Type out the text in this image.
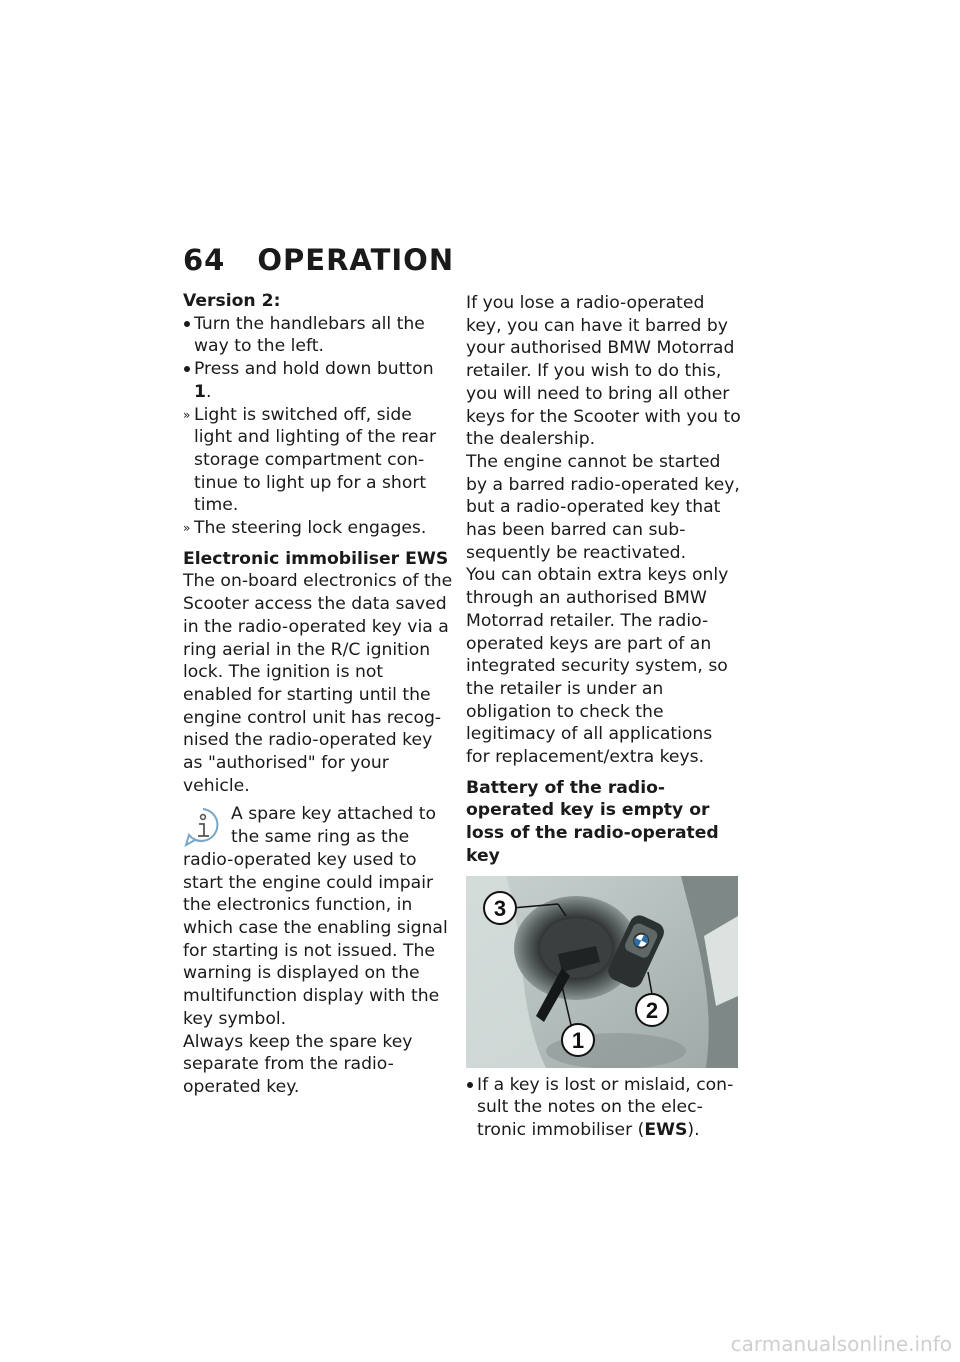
64 OPERATION

Version 2:

Turn the handlebars all the way to the left.
Press and hold down button 1.
» Light is switched off, side light and lighting of the rear storage compartment continue to light up for a short time.
» The steering lock engages.

Electronic immobiliser EWS

The on-board electronics of the Scooter access the data saved in the radio-operated key via a ring aerial in the R/C ignition lock. The ignition is not enabled for starting until the engine control unit has recognised the radio-operated key as "authorised" for your vehicle.

A spare key attached to the same ring as the radio-operated key used to start the engine could impair the electronics function, in which case the enabling signal for starting is not issued. The warning is displayed on the multifunction display with the key symbol.

Always keep the spare key separate from the radio-operated key.

If you lose a radio-operated key, you can have it barred by your authorised BMW Motorrad retailer. If you wish to do this, you will need to bring all other keys for the Scooter with you to the dealership.

The engine cannot be started by a barred radio-operated key, but a radio-operated key that has been barred can subsequently be reactivated.

You can obtain extra keys only through an authorised BMW Motorrad retailer. The radio-operated keys are part of an integrated security system, so the retailer is under an obligation to check the legitimacy of all applications for replacement/extra keys.

Battery of the radio-operated key is empty or loss of the radio-operated key

3
1
2
If a key is lost or mislaid, consult the notes on the electronic immobiliser (EWS).
carmanualsonline.info
